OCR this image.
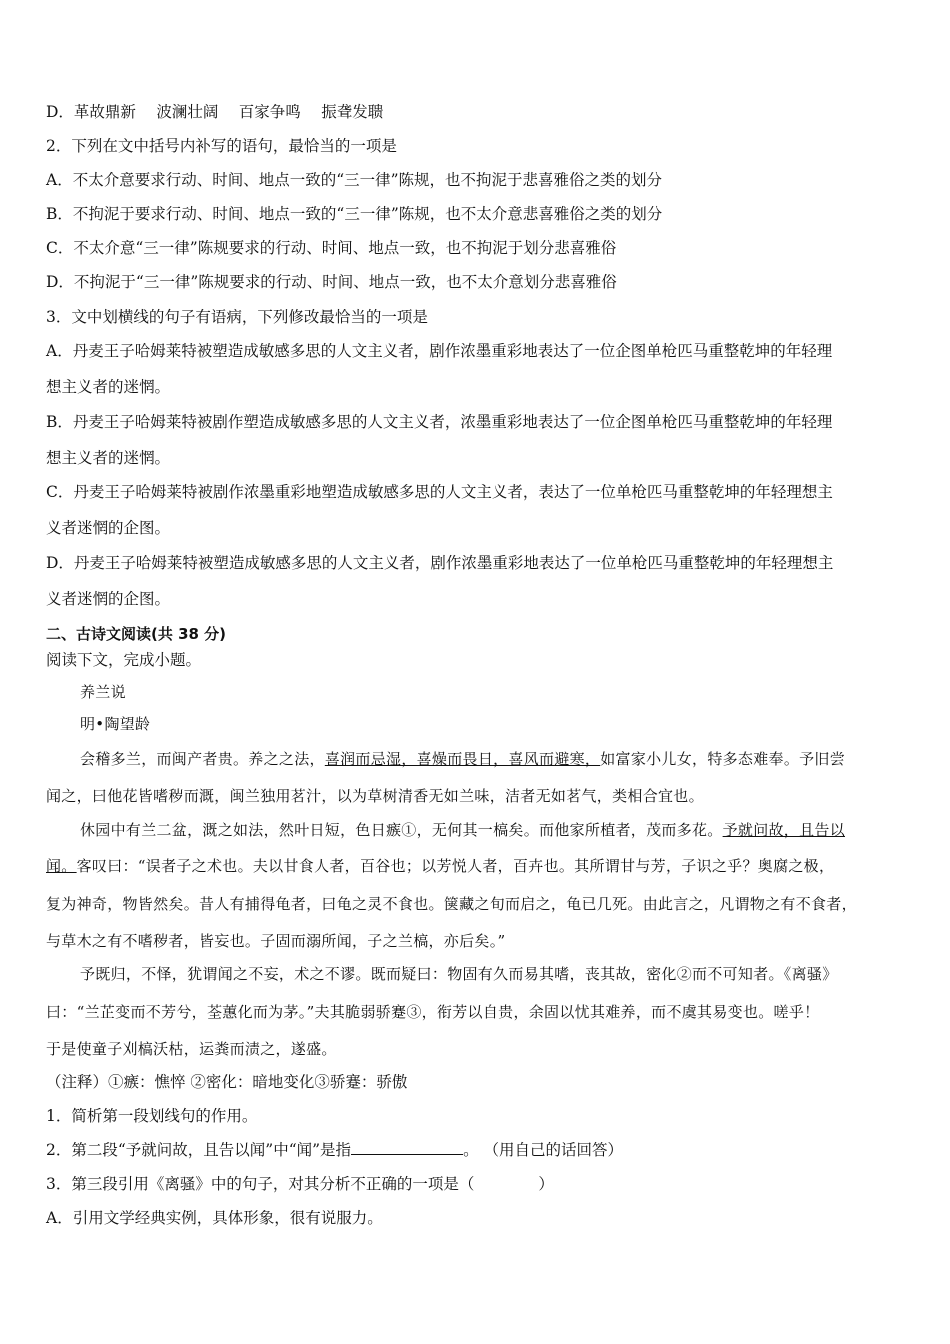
D．革故鼎新　 波澜壮阔　 百家争鸣　 振聋发聩
2．下列在文中括号内补写的语句，最恰当的一项是
A．不太介意要求行动、时间、地点一致的“三一律”陈规，也不拘泥于悲喜雅俗之类的划分
B．不拘泥于要求行动、时间、地点一致的“三一律”陈规，也不太介意悲喜雅俗之类的划分
C．不太介意“三一律”陈规要求的行动、时间、地点一致，也不拘泥于划分悲喜雅俗
D．不拘泥于“三一律”陈规要求的行动、时间、地点一致，也不太介意划分悲喜雅俗
3．文中划横线的句子有语病，下列修改最恰当的一项是
A．丹麦王子哈姆莱特被塑造成敏感多思的人文主义者，剧作浓墨重彩地表达了一位企图单枪匹马重整乾坤的年轻理
想主义者的迷惘。
B．丹麦王子哈姆莱特被剧作塑造成敏感多思的人文主义者，浓墨重彩地表达了一位企图单枪匹马重整乾坤的年轻理
想主义者的迷惘。
C．丹麦王子哈姆莱特被剧作浓墨重彩地塑造成敏感多思的人文主义者，表达了一位单枪匹马重整乾坤的年轻理想主
义者迷惘的企图。
D．丹麦王子哈姆莱特被塑造成敏感多思的人文主义者，剧作浓墨重彩地表达了一位单枪匹马重整乾坤的年轻理想主
义者迷惘的企图。
二、古诗文阅读(共 38 分)
阅读下文，完成小题。
养兰说
明•陶望龄
会稽多兰，而闽产者贵。养之之法，喜润而忌湿，喜燥而畏日，喜风而避寒，如富家小儿女，特多态难奉。予旧尝
闻之，曰他花皆嗜秽而溉，闽兰独用茗汁，以为草树清香无如兰味，洁者无如茗气，类相合宜也。
休园中有兰二盆，溉之如法，然叶日短，色日瘯①，无何其一槁矣。而他家所植者，茂而多花。予就问故，且告以
闻。客叹曰：“误者子之术也。夫以甘食人者，百谷也；以芳悦人者，百卉也。其所谓甘与芳，子识之乎？奥腐之极，
复为神奇，物皆然矣。昔人有捕得龟者，曰龟之灵不食也。箧藏之旬而启之，龟已几死。由此言之，凡谓物之有不食者，
与草木之有不嗜秽者，皆妄也。子固而溺所闻，子之兰槁，亦后矣。”
予既归，不怿，犹谓闻之不妄，术之不谬。既而疑曰：物固有久而易其嗜，丧其故，密化②而不可知者。《离骚》
曰：“兰芷变而不芳兮，荃蕙化而为茅。”夫其脆弱骄蹇③，衔芳以自贵，余固以忧其难养，而不虞其易变也。嗟乎！
于是使童子刈槁沃枯，运粪而渍之，遂盛。
（注释）①瘯：憔悴 ②密化：暗地变化③骄蹇：骄傲
1．简析第一段划线句的作用。
2．第二段“予就问故，且告以闻”中“闻”是指	。 （用自己的话回答）
3．第三段引用《离骚》中的句子，对其分析不正确的一项是（	）
A．引用文学经典实例，具体形象，很有说服力。
